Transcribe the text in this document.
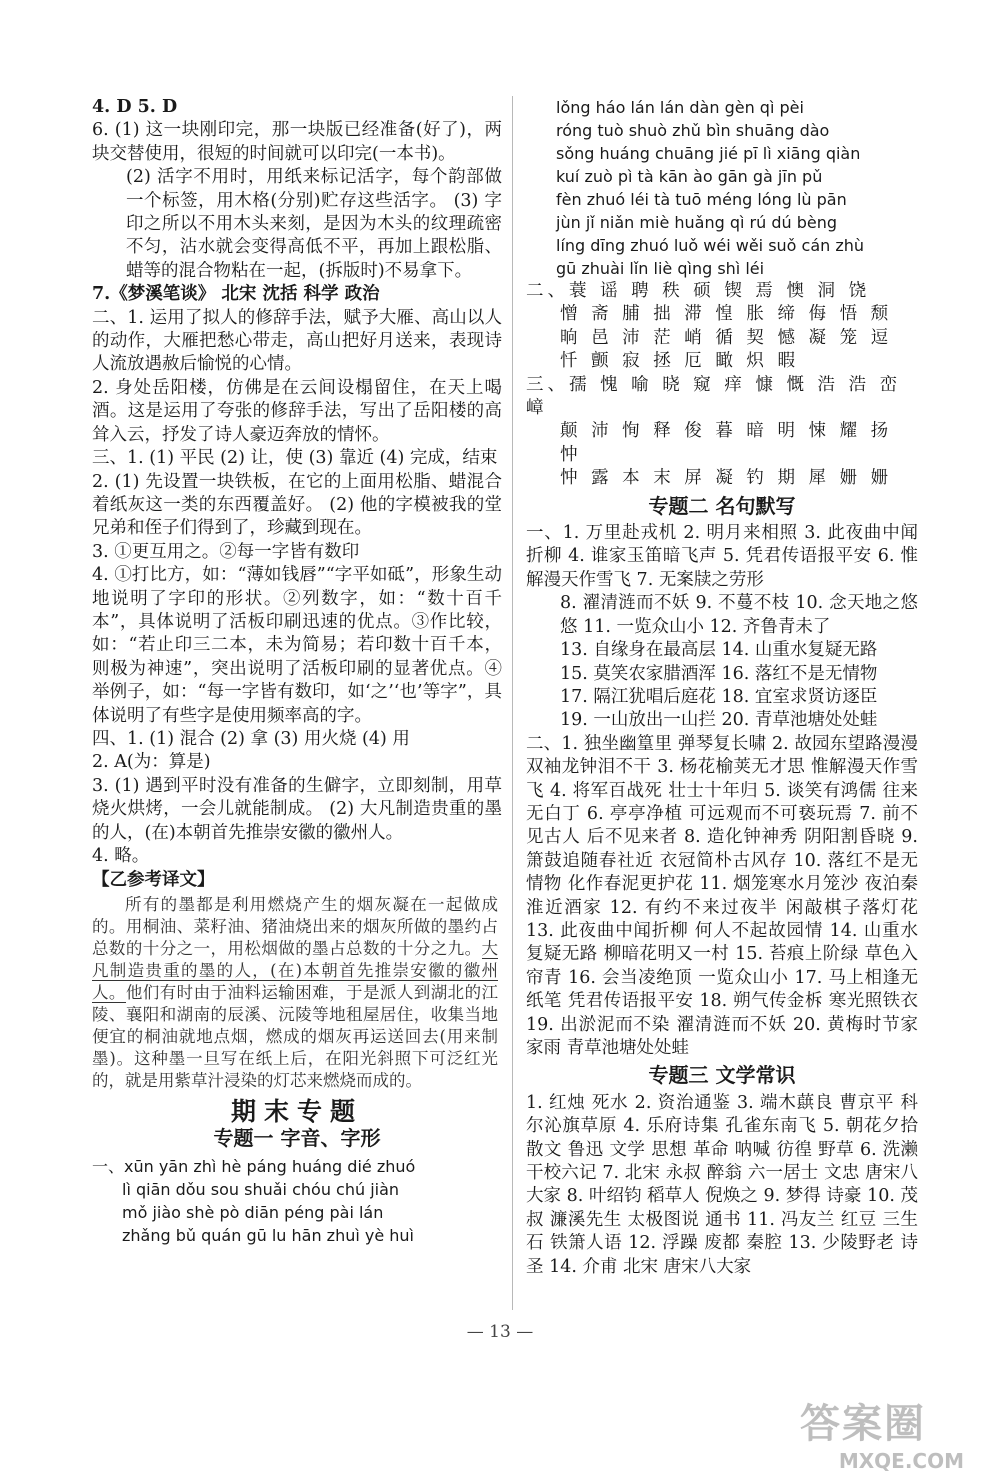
4. D 5. D

6. (1) 这一块刚印完，那一块版已经准备(好了)，两块交替使用，很短的时间就可以印完(一本书)。

(2) 活字不用时，用纸来标记活字，每个韵部做一个标签，用木格(分别)贮存这些活字。 (3) 字印之所以不用木头来刻，是因为木头的纹理疏密不匀，沾水就会变得高低不平，再加上跟松脂、蜡等的混合物粘在一起，(拆版时)不易拿下。

7.《梦溪笔谈》 北宋 沈括 科学 政治

二、1. 运用了拟人的修辞手法，赋予大雁、高山以人的动作，大雁把愁心带走，高山把好月送来，表现诗人流放遇赦后愉悦的心情。

2. 身处岳阳楼，仿佛是在云间设榻留住，在天上喝酒。这是运用了夸张的修辞手法，写出了岳阳楼的高耸入云，抒发了诗人豪迈奔放的情怀。

三、1. (1) 平民 (2) 让，使 (3) 靠近 (4) 完成，结束

2. (1) 先设置一块铁板，在它的上面用松脂、蜡混合着纸灰这一类的东西覆盖好。 (2) 他的字模被我的堂兄弟和侄子们得到了，珍藏到现在。

3. ①更互用之。②每一字皆有数印

4. ①打比方，如：“薄如钱唇”“字平如砥”，形象生动地说明了字印的形状。②列数字，如：“数十百千本”，具体说明了活板印刷迅速的优点。③作比较，如：“若止印三二本，未为简易；若印数十百千本，则极为神速”，突出说明了活板印刷的显著优点。④举例子，如：“每一字皆有数印，如‘之’‘也’等字”，具体说明了有些字是使用频率高的字。

四、1. (1) 混合 (2) 拿 (3) 用火烧 (4) 用

2. A(为：算是)

3. (1) 遇到平时没有准备的生僻字，立即刻制，用草烧火烘烤，一会儿就能制成。 (2) 大凡制造贵重的墨的人，(在)本朝首先推崇安徽的徽州人。

4. 略。

【乙参考译文】

所有的墨都是利用燃烧产生的烟灰凝在一起做成的。用桐油、菜籽油、猪油烧出来的烟灰所做的墨约占总数的十分之一，用松烟做的墨占总数的十分之九。大凡制造贵重的墨的人，(在)本朝首先推崇安徽的徽州人。他们有时由于油料运输困难，于是派人到湖北的江陵、襄阳和湖南的辰溪、沅陵等地租屋居住，收集当地便宜的桐油就地点烟，燃成的烟灰再运送回去(用来制墨)。这种墨一旦写在纸上后，在阳光斜照下可泛红光的，就是用紫草汁浸染的灯芯来燃烧而成的。

期末专题
专题一 字音、字形

一、xūn yān zhì hè páng huáng dié zhuó

lì qiān dǒu sou shuǎi chóu chú jiàn

mǒ jiào shè pò diān péng pài lán

zhǎng bǔ quán gū lu hān zhuì yè huì

lǒng háo lán lán dàn gèn qì pèi

róng tuò shuò zhǔ bìn shuāng dào

sǒng huáng chuāng jié pī lì xiāng qiàn

kuí zuò pì tà kān ào gān gà jīn pǔ

fèn zhuó léi tà tuō méng lóng lù pān

jùn jǐ niǎn miè huǎng qì rú dú bèng

líng dīng zhuó luǒ wéi wěi suǒ cán zhù

gū zhuài lǐn liè qìng shì léi

二、蓑 谣 聘 秩 硕 锲 焉 懊 洞 饶

憎 斋 脯 拙 滞 惶 胀 缔 侮 悟 颓

晌 邑 沛 茫 峭 循 契 憾 凝 笼 逗

忏 颤 寂 拯 厄 瞰 炽 暇

三、孺 愧 喻 晓 窥 痒 慷 慨 浩 浩 峦 嶂

颠 沛 恂 释 俊 暮 暗 明 悚 耀 扬 忡

忡 露 本 末 屏 凝 钓 期 犀 姗 姗

专题二 名句默写

一、1. 万里赴戎机 2. 明月来相照 3. 此夜曲中闻折柳 4. 谁家玉笛暗飞声 5. 凭君传语报平安 6. 惟解漫天作雪飞 7. 无案牍之劳形

8. 濯清涟而不妖 9. 不蔓不枝 10. 念天地之悠悠 11. 一览众山小 12. 齐鲁青未了

13. 自缘身在最高层 14. 山重水复疑无路

15. 莫笑农家腊酒浑 16. 落红不是无情物

17. 隔江犹唱后庭花 18. 宜室求贤访逐臣

19. 一山放出一山拦 20. 青草池塘处处蛙

二、1. 独坐幽篁里 弹琴复长啸 2. 故园东望路漫漫 双袖龙钟泪不干 3. 杨花榆荚无才思 惟解漫天作雪飞 4. 将军百战死 壮士十年归 5. 谈笑有鸿儒 往来无白丁 6. 亭亭净植 可远观而不可亵玩焉 7. 前不见古人 后不见来者 8. 造化钟神秀 阴阳割昏晓 9. 箫鼓追随春社近 衣冠简朴古风存 10. 落红不是无情物 化作春泥更护花 11. 烟笼寒水月笼沙 夜泊秦淮近酒家 12. 有约不来过夜半 闲敲棋子落灯花 13. 此夜曲中闻折柳 何人不起故园情 14. 山重水复疑无路 柳暗花明又一村 15. 苔痕上阶绿 草色入帘青 16. 会当凌绝顶 一览众山小 17. 马上相逢无纸笔 凭君传语报平安 18. 朔气传金柝 寒光照铁衣 19. 出淤泥而不染 濯清涟而不妖 20. 黄梅时节家家雨 青草池塘处处蛙

专题三 文学常识

1. 红烛 死水 2. 资治通鉴 3. 端木蕻良 曹京平 科尔沁旗草原 4. 乐府诗集 孔雀东南飞 5. 朝花夕拾 散文 鲁迅 文学 思想 革命 呐喊 彷徨 野草 6. 洗濑 干校六记 7. 北宋 永叔 醉翁 六一居士 文忠 唐宋八大家 8. 叶绍钧 稻草人 倪焕之 9. 梦得 诗豪 10. 茂叔 濂溪先生 太极图说 通书 11. 冯友兰 红豆 三生石 铁箫人语 12. 浮躁 废都 秦腔 13. 少陵野老 诗圣 14. 介甫 北宋 唐宋八大家

— 13 —
答案圈
MXQE.COM
